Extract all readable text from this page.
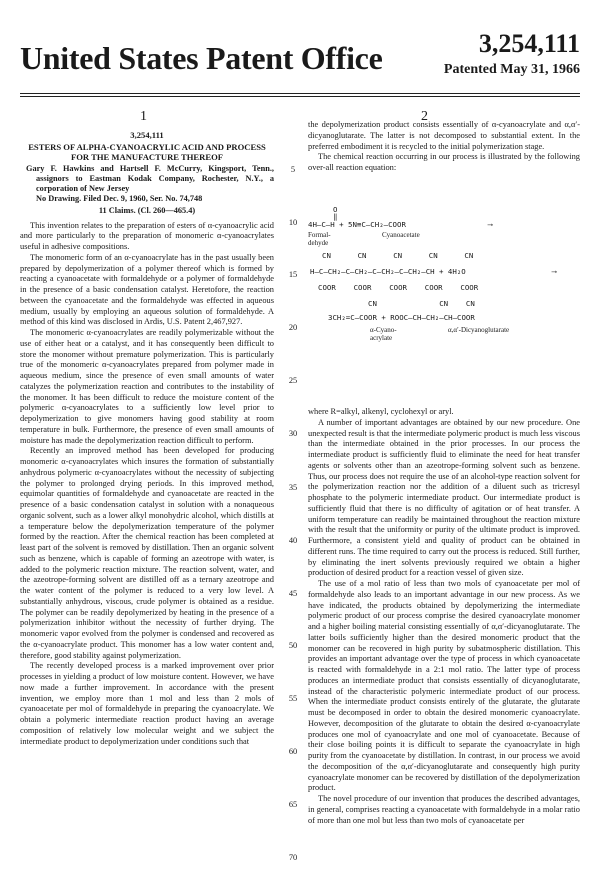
United States Patent Office	3,254,111
Patented May 31, 1966
1	2
3,254,111
ESTERS OF ALPHA-CYANOACRYLIC ACID AND PROCESS FOR THE MANUFACTURE THEREOF
Gary F. Hawkins and Hartsell F. McCurry, Kingsport, Tenn., assignors to Eastman Kodak Company, Rochester, N.Y., a corporation of New Jersey
No Drawing. Filed Dec. 9, 1960, Ser. No. 74,748
11 Claims. (Cl. 260—465.4)

This invention relates to the preparation of esters of α-cyanoacrylic acid and more particularly to the preparation of monomeric α-cyanoacrylates useful in adhesive compositions.

The monomeric form of an α-cyanoacrylate has in the past usually been prepared by depolymerization of a polymer thereof which is formed by reacting a cyanoacetate with formaldehyde or a polymer of formaldehyde in the presence of a basic condensation catalyst. Heretofore, the reaction between the cyanoacetate and the formaldehyde was effected in aqueous medium, usually by employing an aqueous solution of formaldehyde. A method of this kind was disclosed in Ardis, U.S. Patent 2,467,927.

The monomeric α-cyanoacrylates are readily polymerizable without the use of either heat or a catalyst, and it has consequently been difficult to store the monomer without premature polymerization. This is particularly true of the monomeric α-cyanoacrylates prepared from polymer made in aqueous medium, since the presence of even small amounts of water catalyzes the polymerization reaction and contributes to the instability of the monomer. It has been difficult to reduce the moisture content of the polymeric α-cyanoacrylates to a sufficiently low level prior to depolymerization to give monomers having good stability at room temperature in bulk. Furthermore, the presence of even small amounts of moisture has made the depolymerization reaction difficult to perform.

Recently an improved method has been developed for producing monomeric α-cyanoacrylates which insures the formation of substantially anhydrous polymeric α-cyanoacrylates without the necessity of subjecting the polymer to prolonged drying periods. In this improved method, equimolar quantities of formaldehyde and cyanoacetate are reacted in the presence of a basic condensation catalyst in solution with a nonaqueous organic solvent, such as a lower alkyl monohydric alcohol, which distills at a temperature below the depolymerization temperature of the polymer formed by the reaction. After the chemical reaction has been completed at least part of the solvent is removed by distillation. Then an organic solvent such as benzene, which is capable of forming an azeotrope with water, is added to the polymeric reaction mixture. The reaction solvent, water, and the azeotrope-forming solvent are distilled off as a ternary azeotrope and the water content of the polymer is reduced to a very low level. A substantially anhydrous, viscous, crude polymer is obtained as a residue. The polymer can be readily depolymerized by heating in the presence of a polymerization inhibitor without the necessity of further drying. The monomeric vapor evolved from the polymer is condensed and recovered as the α-cyanoacrylate product. This monomer has a low water content and, therefore, good stability against polymerization.

The recently developed process is a marked improvement over prior processes in yielding a product of low moisture content. However, we have now made a further improvement. In accordance with the present invention, we employ more than 1 mol and less than 2 mols of cyanoacetate per mol of formaldehyde in preparing the cyanoacrylate. We obtain a polymeric intermediate reaction product having an average composition of relatively low molecular weight and we subject the intermediate product to depolymerization under conditions such that

5
10
15
20
25
30
35
40
45
50
55
60
65
70

the depolymerization product consists essentially of α-cyanoacrylate and α,α′-dicyanoglutarate. The latter is not decomposed to substantial extent. In the preferred embodiment it is recycled to the initial polymerization stage.

The chemical reaction occurring in our process is illustrated by the following over-all reaction equation:

O
‖
4H—C—H + 5N≡C—CH₂—COOR	⟶
Formal-
dehyde
Cyanoacetate
CN      CN      CN      CN      CN
H—C—CH₂—C—CH₂—C—CH₂—C—CH₂—CH + 4H₂O	⟶
COOR    COOR    COOR    COOR    COOR
CN              CN    CN
3CH₂=C—COOR + ROOC—CH—CH₂—CH—COOR
α-Cyano-
acrylate
α,α′-Dicyanoglutarate

where R=alkyl, alkenyl, cyclohexyl or aryl.

A number of important advantages are obtained by our new procedure. One unexpected result is that the intermediate polymeric product is much less viscous than the intermediate obtained in the prior processes. In our process the intermediate product is sufficiently fluid to eliminate the need for heat transfer agents or solvents other than an azeotrope-forming solvent such as benzene. Thus, our process does not require the use of an alcohol-type reaction solvent for the polymerization reaction nor the addition of a diluent such as tricresyl phosphate to the polymeric intermediate product. Our intermediate product is sufficiently fluid that there is no difficulty of agitation or of heat transfer. A uniform temperature can readily be maintained throughout the reaction mixture with the result that the uniformity or purity of the ultimate product is improved. Furthermore, a consistent yield and quality of product can be obtained in different runs. The time required to carry out the process is reduced. Still further, by eliminating the inert solvents previously required we obtain a higher production of desired product for a reaction vessel of given size.

The use of a mol ratio of less than two mols of cyanoacetate per mol of formaldehyde also leads to an important advantage in our new process. As we have indicated, the products obtained by depolymerizing the intermediate polymeric product of our process comprise the desired cyanoacrylate monomer and a higher boiling material consisting essentially of α,α′-dicyanoglutarate. The latter boils sufficiently higher than the desired monomeric product that the monomer can be recovered in high purity by subatmospheric distillation. This provides an important advantage over the type of process in which cyanoacetate is reacted with formaldehyde in a 2:1 mol ratio. The latter type of process produces an intermediate product that consists essentially of dicyanoglutarate, instead of the characteristic polymeric intermediate product of our process. When the intermediate product consists entirely of the glutarate, the glutarate must be decomposed in order to obtain the desired monomeric cyanoacrylate. However, decomposition of the glutarate to obtain the desired α-cyanoacrylate produces one mol of cyanoacrylate and one mol of cyanoacetate. Because of their close boiling points it is difficult to separate the cyanoacrylate in high purity from the cyanoacetate by distillation. In contrast, in our process we avoid the decomposition of the α,α′-dicyanoglutarate and consequently high purity cyanoacrylate monomer can be recovered by distillation of the depolymerization product.

The novel procedure of our invention that produces the described advantages, in general, comprises reacting a cyanoacetate with formaldehyde in a molar ratio of more than one mol but less than two mols of cyanoacetate per
